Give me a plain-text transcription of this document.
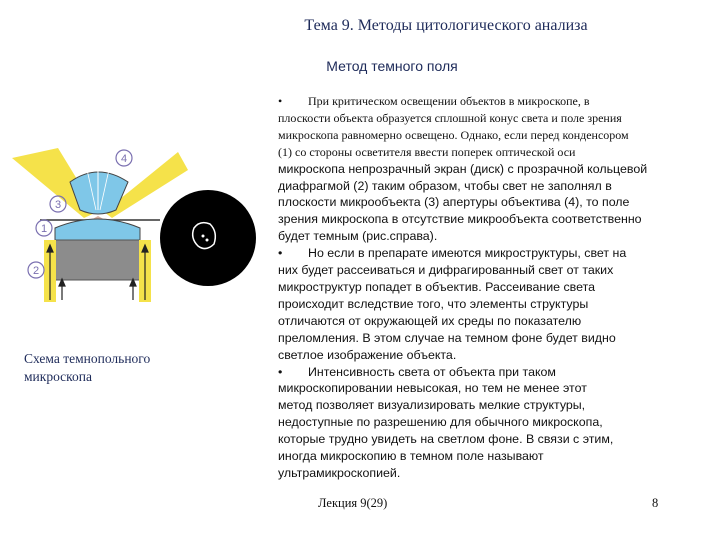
Тема 9. Методы цитологического анализа
Метод темного поля
4
3
1
2
Схема темнопольного
микроскопа
• При критическом освещении объектов в микроскопе, в
плоскости объекта образуется сплошной конус света и поле зрения
микроскопа равномерно освещено. Однако, если перед конденсором
(1) со стороны осветителя ввести поперек оптической оси
микроскопа непрозрачный экран (диск) с прозрачной кольцевой
диафрагмой (2) таким образом, чтобы свет не заполнял в
плоскости микрообъекта (3) апертуры объектива (4), то поле
зрения микроскопа в отсутствие микрообъекта соответственно
будет темным (рис.справа).
• Но если в препарате имеются микроструктуры, свет на
них будет рассеиваться и дифрагированный свет от таких
микроструктур попадет в объектив. Рассеивание света
происходит вследствие того, что элементы структуры
отличаются от окружающей их среды по показателю
преломления. В этом случае на темном фоне будет видно
светлое изображение объекта.
• Интенсивность света от объекта при таком
микроскопировании невысокая, но тем не менее этот
метод позволяет визуализировать мелкие структуры,
недоступные по разрешению для обычного микроскопа,
которые трудно увидеть на светлом фоне. В связи с этим,
иногда микроскопию в темном поле называют
ультрамикроскопией.
Лекция 9(29)	8
